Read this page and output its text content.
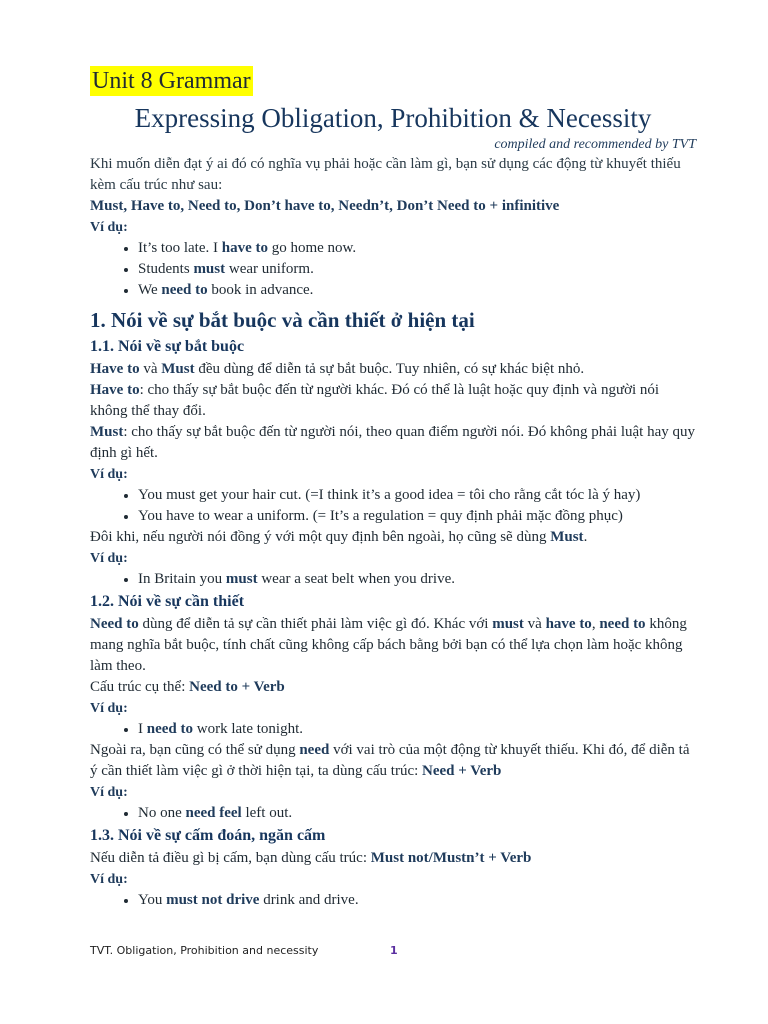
Unit 8 Grammar
Expressing Obligation, Prohibition & Necessity
compiled and recommended by TVT

Khi muốn diễn đạt ý ai đó có nghĩa vụ phải hoặc cần làm gì, bạn sử dụng các động từ khuyết thiếu kèm cấu trúc như sau:

Must, Have to, Need to, Don’t have to, Needn’t, Don’t Need to + infinitive

Ví dụ:

• It’s too late. I have to go home now.
• Students must wear uniform.
• We need to book in advance.
1. Nói về sự bắt buộc và cần thiết ở hiện tại
1.1. Nói về sự bắt buộc

Have to và Must đều dùng để diễn tả sự bắt buộc. Tuy nhiên, có sự khác biệt nhỏ.

Have to: cho thấy sự bắt buộc đến từ người khác. Đó có thể là luật hoặc quy định và người nói không thể thay đổi.

Must: cho thấy sự bắt buộc đến từ người nói, theo quan điểm người nói. Đó không phải luật hay quy định gì hết.

Ví dụ:

• You must get your hair cut. (=I think it’s a good idea = tôi cho rằng cắt tóc là ý hay)
• You have to wear a uniform. (= It’s a regulation = quy định phải mặc đồng phục)

Đôi khi, nếu người nói đồng ý với một quy định bên ngoài, họ cũng sẽ dùng Must.

Ví dụ:

• In Britain you must wear a seat belt when you drive.
1.2. Nói về sự cần thiết

Need to dùng để diễn tả sự cần thiết phải làm việc gì đó. Khác với must và have to, need to không mang nghĩa bắt buộc, tính chất cũng không cấp bách bằng bởi bạn có thể lựa chọn làm hoặc không làm theo.

Cấu trúc cụ thể: Need to + Verb

Ví dụ:

• I need to work late tonight.

Ngoài ra, bạn cũng có thể sử dụng need với vai trò của một động từ khuyết thiếu. Khi đó, để diễn tả ý cần thiết làm việc gì ở thời hiện tại, ta dùng cấu trúc: Need + Verb

Ví dụ:

• No one need feel left out.
1.3. Nói về sự cấm đoán, ngăn cấm

Nếu diễn tả điều gì bị cấm, bạn dùng cấu trúc: Must not/Mustn’t + Verb

Ví dụ:

• You must not drive drink and drive.
TVT. Obligation, Prohibition and necessity	1
